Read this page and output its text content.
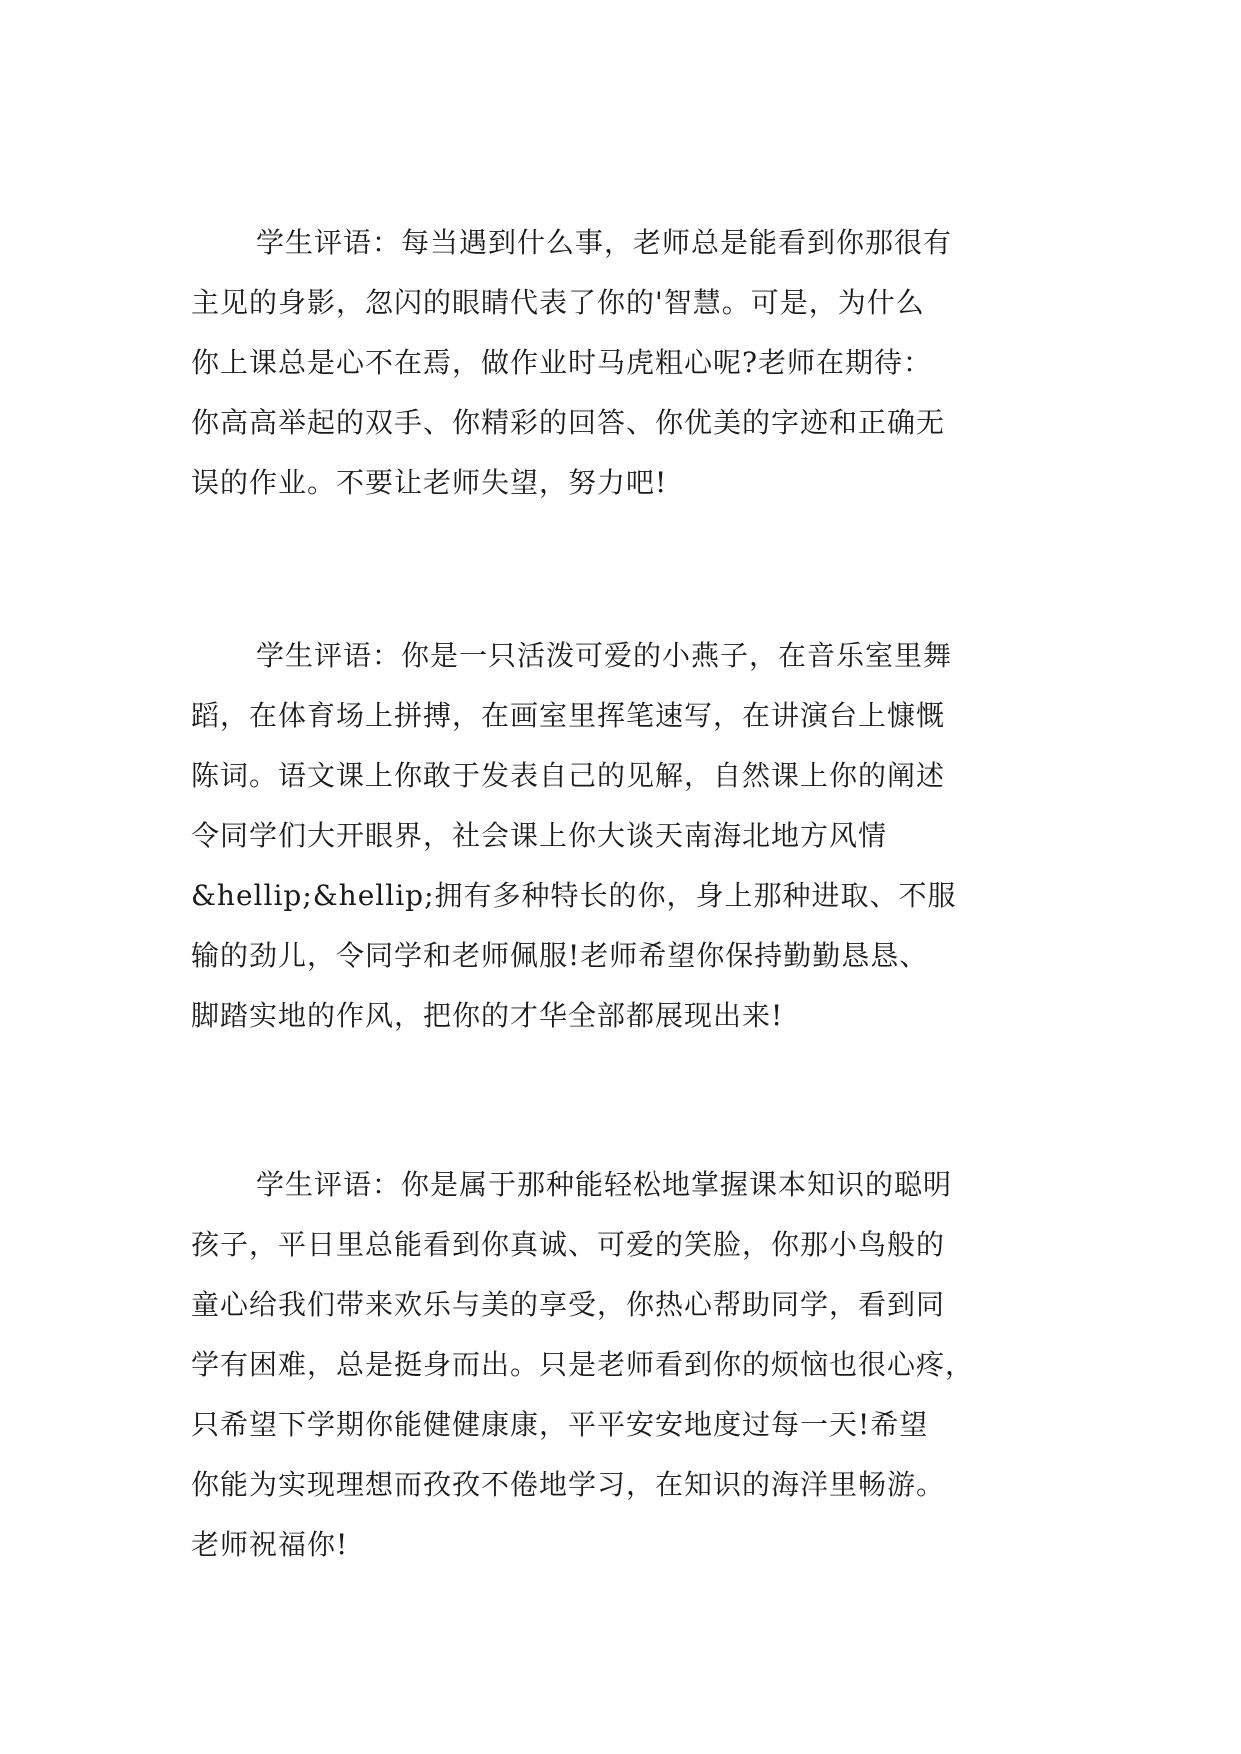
学生评语：每当遇到什么事，老师总是能看到你那很有
主见的身影，忽闪的眼睛代表了你的'智慧。可是，为什么
你上课总是心不在焉，做作业时马虎粗心呢?老师在期待：
你高高举起的双手、你精彩的回答、你优美的字迹和正确无
误的作业。不要让老师失望，努力吧!

学生评语：你是一只活泼可爱的小燕子，在音乐室里舞
蹈，在体育场上拼搏，在画室里挥笔速写，在讲演台上慷慨
陈词。语文课上你敢于发表自己的见解，自然课上你的阐述
令同学们大开眼界，社会课上你大谈天南海北地方风情
&hellip;&hellip;拥有多种特长的你，身上那种进取、不服
输的劲儿，令同学和老师佩服!老师希望你保持勤勤恳恳、
脚踏实地的作风，把你的才华全部都展现出来!

学生评语：你是属于那种能轻松地掌握课本知识的聪明
孩子，平日里总能看到你真诚、可爱的笑脸，你那小鸟般的
童心给我们带来欢乐与美的享受，你热心帮助同学，看到同
学有困难，总是挺身而出。只是老师看到你的烦恼也很心疼，
只希望下学期你能健健康康，平平安安地度过每一天!希望
你能为实现理想而孜孜不倦地学习，在知识的海洋里畅游。
老师祝福你!
